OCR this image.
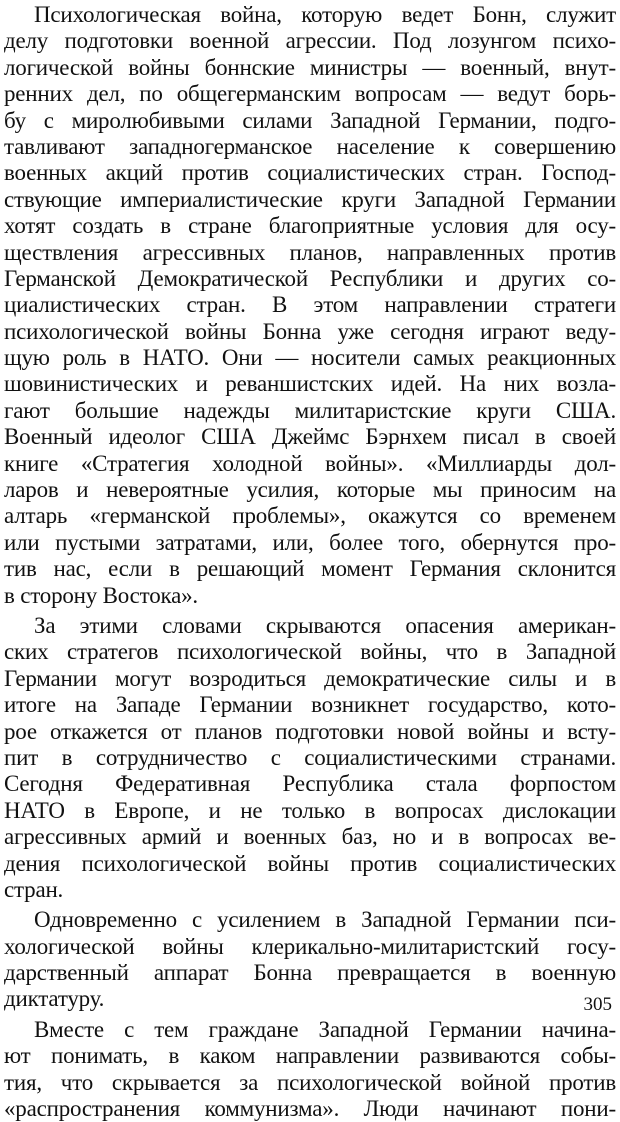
Психологическая война, которую ведет Бонн, служит
делу подготовки военной агрессии. Под лозунгом психо-
логической войны боннские министры — военный, внут-
ренних дел, по общегерманским вопросам — ведут борь-
бу с миролюбивыми силами Западной Германии, подго-
тавливают западногерманское население к совершению
военных акций против социалистических стран. Господ-
ствующие империалистические круги Западной Германии
хотят создать в стране благоприятные условия для осу-
ществления агрессивных планов, направленных против
Германской Демократической Республики и других со-
циалистических стран. В этом направлении стратеги
психологической войны Бонна уже сегодня играют веду-
щую роль в НАТО. Они — носители самых реакционных
шовинистических и реваншистских идей. На них возла-
гают большие надежды милитаристские круги США.
Военный идеолог США Джеймс Бэрнхем писал в своей
книге «Стратегия холодной войны». «Миллиарды дол-
ларов и невероятные усилия, которые мы приносим на
алтарь «германской проблемы», окажутся со временем
или пустыми затратами, или, более того, обернутся про-
тив нас, если в решающий момент Германия склонится
в сторону Востока».
За этими словами скрываются опасения американ-
ских стратегов психологической войны, что в Западной
Германии могут возродиться демократические силы и в
итоге на Западе Германии возникнет государство, кото-
рое откажется от планов подготовки новой войны и всту-
пит в сотрудничество с социалистическими странами.
Сегодня Федеративная Республика стала форпостом
НАТО в Европе, и не только в вопросах дислокации
агрессивных армий и военных баз, но и в вопросах ве-
дения психологической войны против социалистических
стран.
Одновременно с усилением в Западной Германии пси-
хологической войны клерикально-милитаристский госу-
дарственный аппарат Бонна превращается в военную
диктатуру.
Вместе с тем граждане Западной Германии начина-
ют понимать, в каком направлении развиваются собы-
тия, что скрывается за психологической войной против
«распространения коммунизма». Люди начинают пони-
305
